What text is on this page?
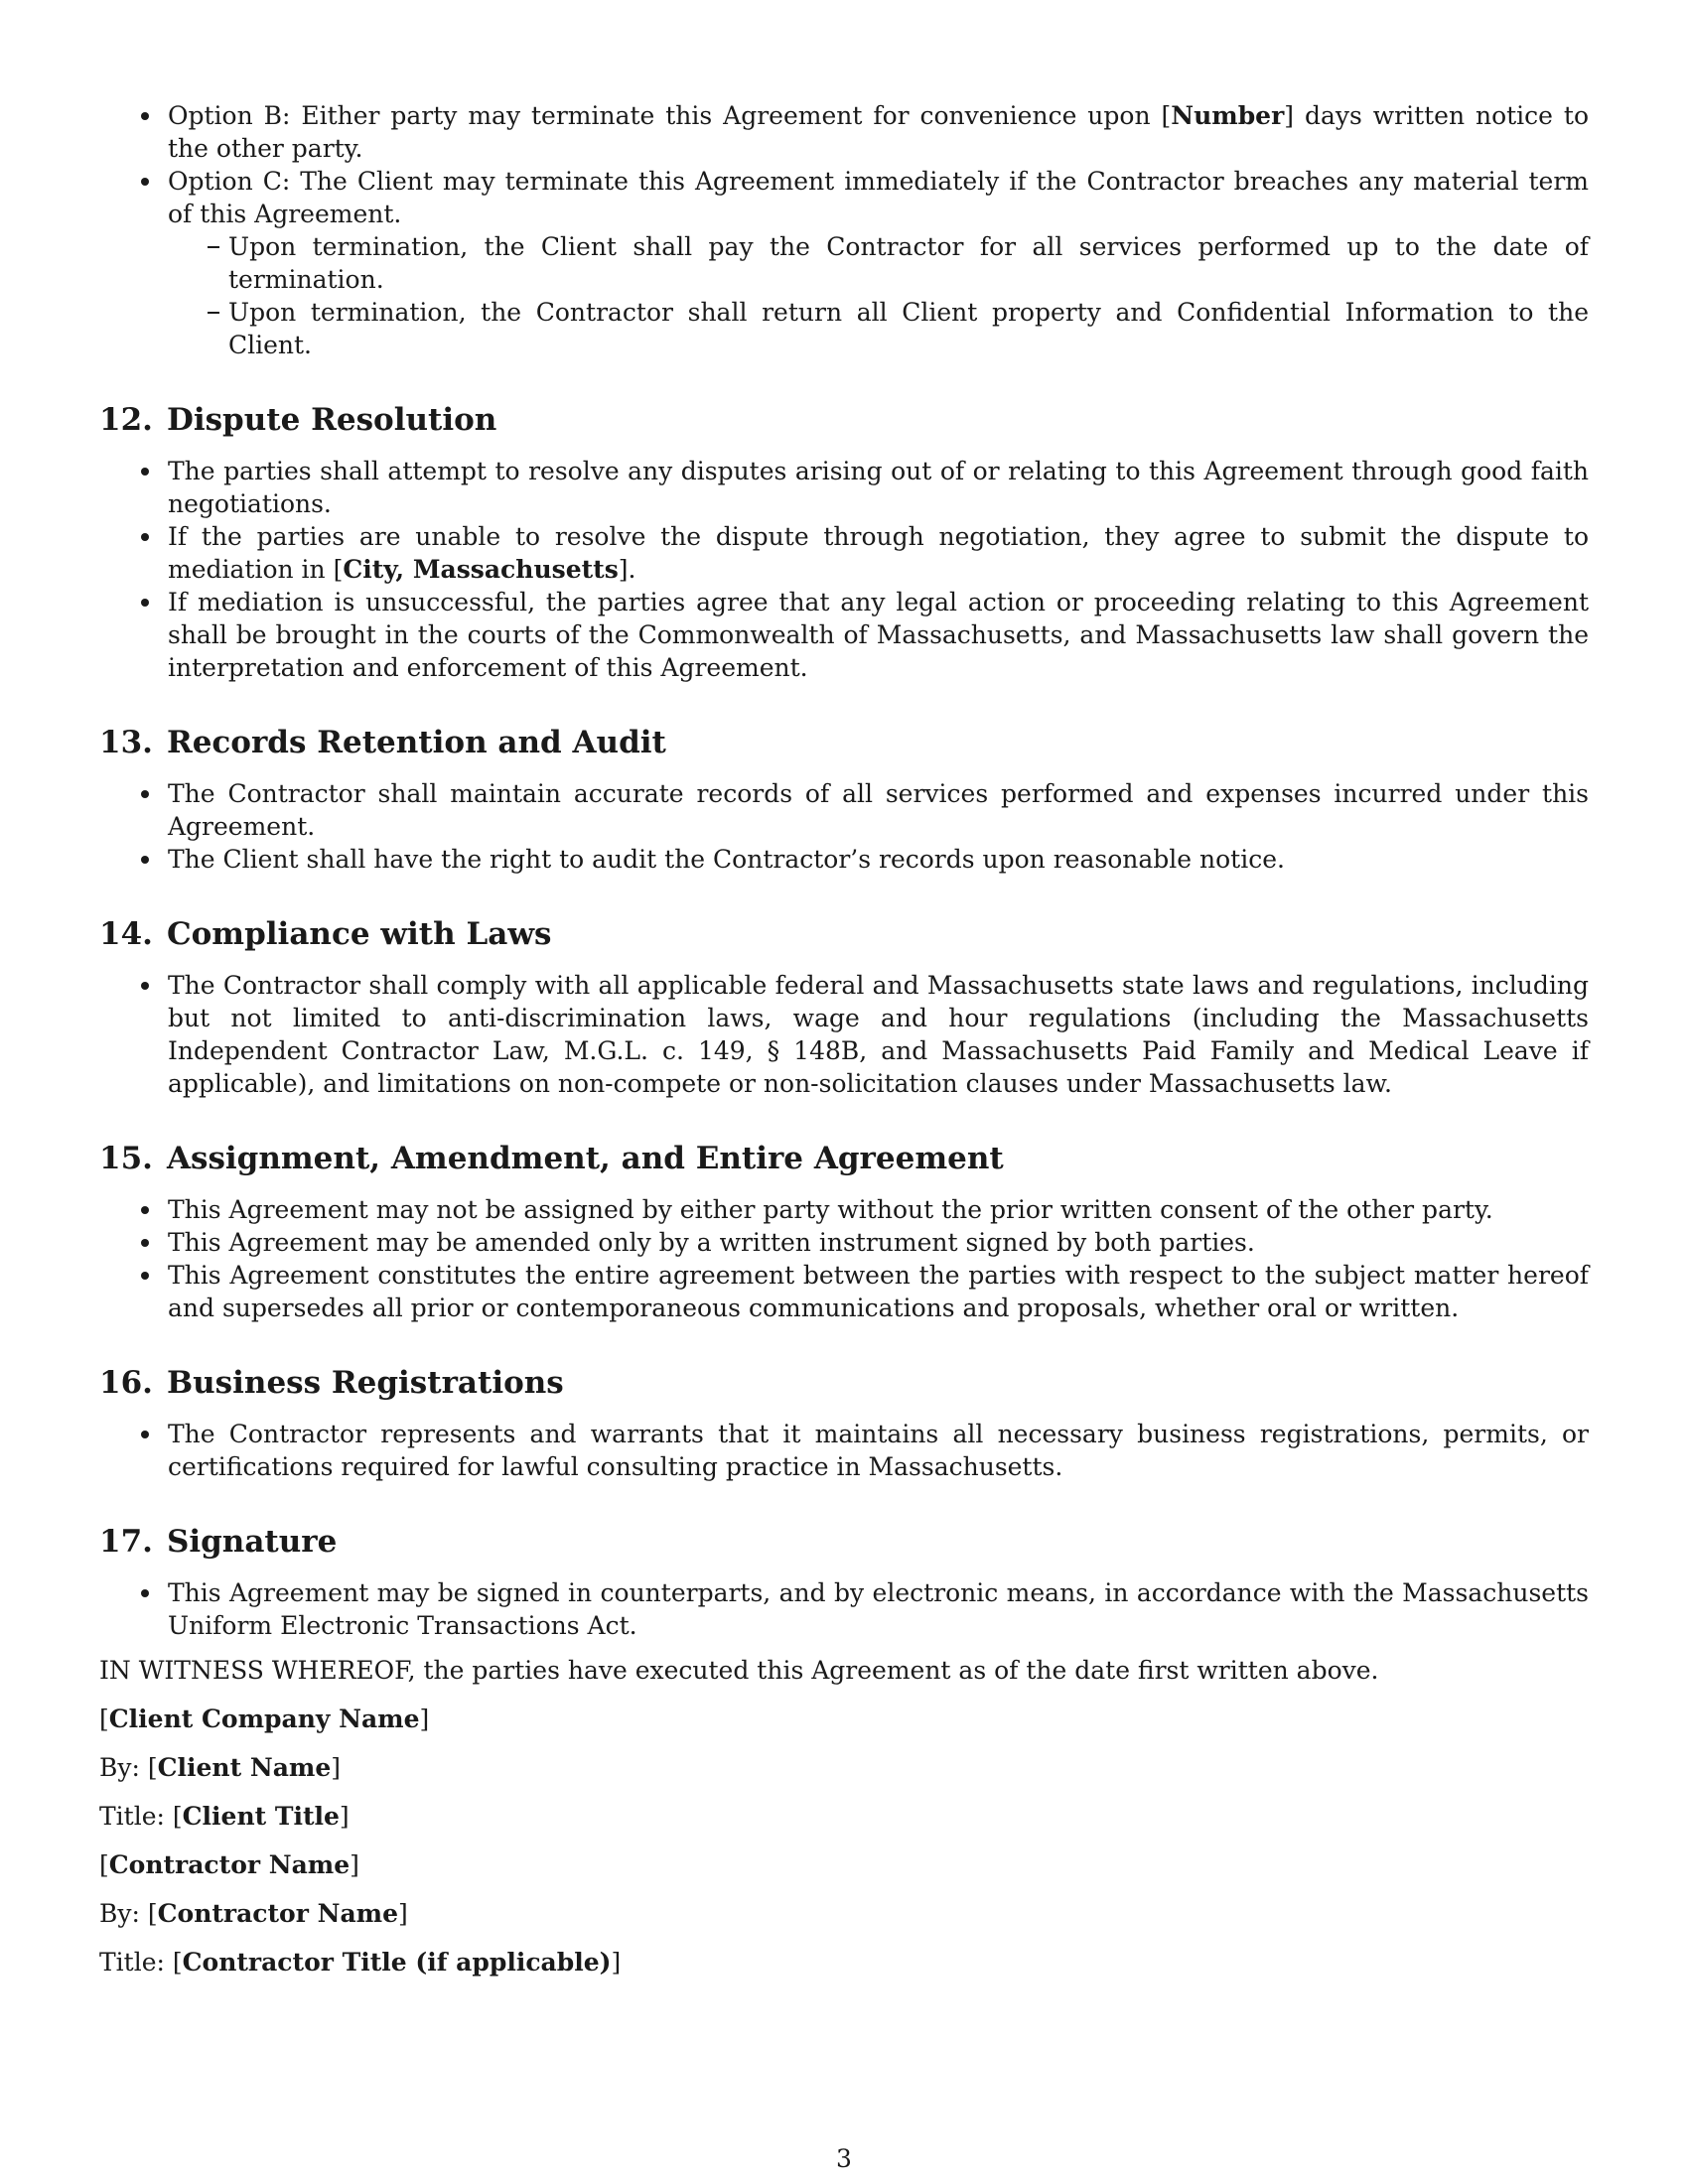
Option B: Either party may terminate this Agreement for convenience upon [Number] days written notice to the other party.
Option C: The Client may terminate this Agreement immediately if the Contractor breaches any material term of this Agreement.
Upon termination, the Client shall pay the Contractor for all services performed up to the date of termination.
Upon termination, the Contractor shall return all Client property and Confidential Information to the Client.
12. Dispute Resolution
The parties shall attempt to resolve any disputes arising out of or relating to this Agreement through good faith negotiations.
If the parties are unable to resolve the dispute through negotiation, they agree to submit the dispute to mediation in [City, Massachusetts].
If mediation is unsuccessful, the parties agree that any legal action or proceeding relating to this Agreement shall be brought in the courts of the Commonwealth of Massachusetts, and Massachusetts law shall govern the interpretation and enforcement of this Agreement.
13. Records Retention and Audit
The Contractor shall maintain accurate records of all services performed and expenses incurred under this Agreement.
The Client shall have the right to audit the Contractor’s records upon reasonable notice.
14. Compliance with Laws
The Contractor shall comply with all applicable federal and Massachusetts state laws and regulations, including but not limited to anti-discrimination laws, wage and hour regulations (including the Massachusetts Independent Contractor Law, M.G.L. c. 149, § 148B, and Massachusetts Paid Family and Medical Leave if applicable), and limitations on non-compete or non-solicitation clauses under Massachusetts law.
15. Assignment, Amendment, and Entire Agreement
This Agreement may not be assigned by either party without the prior written consent of the other party.
This Agreement may be amended only by a written instrument signed by both parties.
This Agreement constitutes the entire agreement between the parties with respect to the subject matter hereof and supersedes all prior or contemporaneous communications and proposals, whether oral or written.
16. Business Registrations
The Contractor represents and warrants that it maintains all necessary business registrations, permits, or certifications required for lawful consulting practice in Massachusetts.
17. Signature
This Agreement may be signed in counterparts, and by electronic means, in accordance with the Massachusetts Uniform Electronic Transactions Act.

IN WITNESS WHEREOF, the parties have executed this Agreement as of the date first written above.

[Client Company Name]

By: [Client Name]

Title: [Client Title]

[Contractor Name]

By: [Contractor Name]

Title: [Contractor Title (if applicable)]

3
